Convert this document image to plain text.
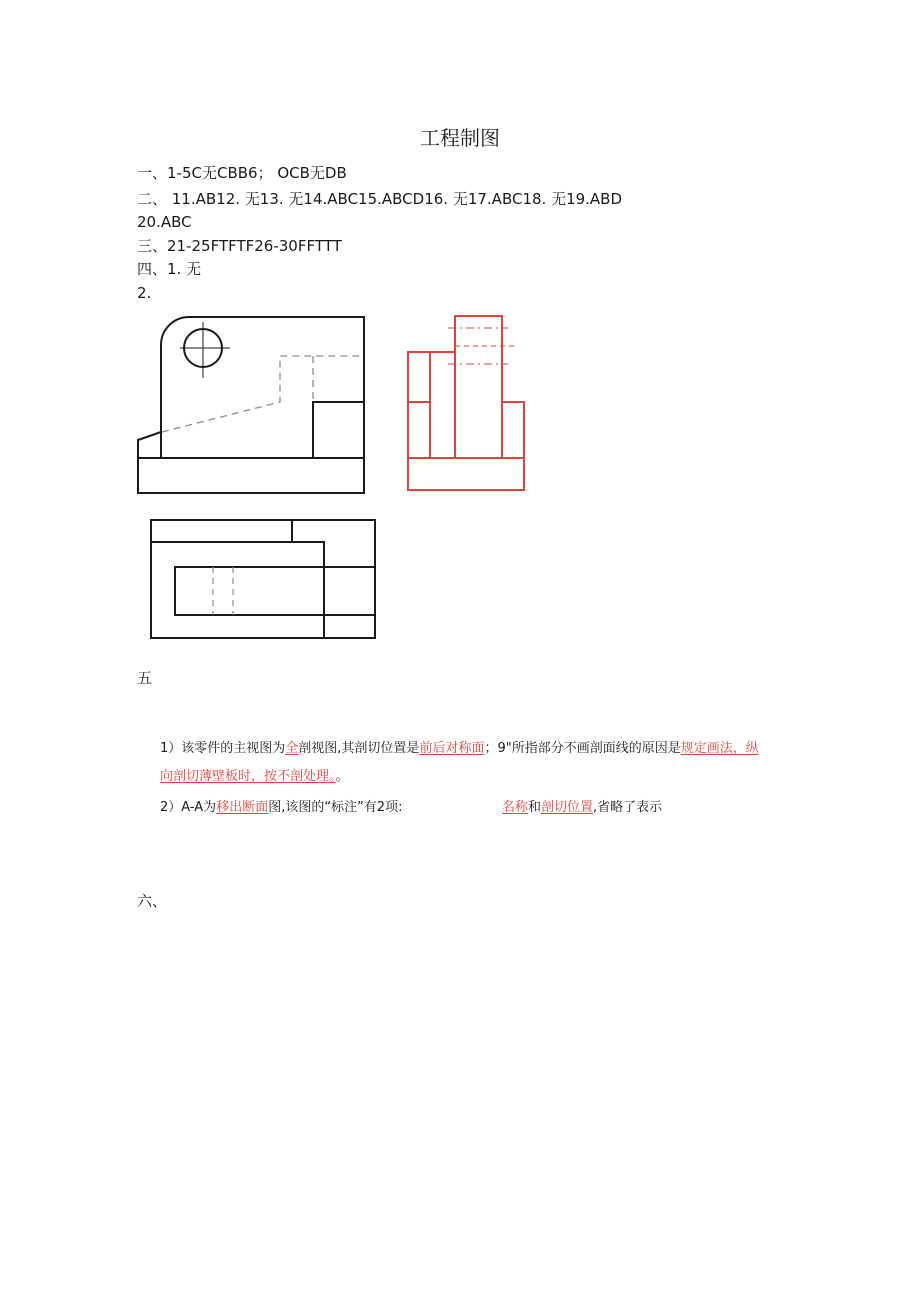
工程制图
一、1-5C无CBB6； OCB无DB
二、 11.AB12. 无13. 无14.ABC15.ABCD16. 无17.ABC18. 无19.ABD
20.ABC
三、21-25FTFTF26-30FFTTT
四、1. 无
2.
五
1）该零件的主视图为全剖视图,其剖切位置是前后对称面；9"所指部分不画剖面线的原因是规定画法，纵
向剖切薄壁板时，按不剖处理。。
2）A-A为移出断面图,该图的“标注”有2项:	名称和剖切位置,省略了表示
六、
